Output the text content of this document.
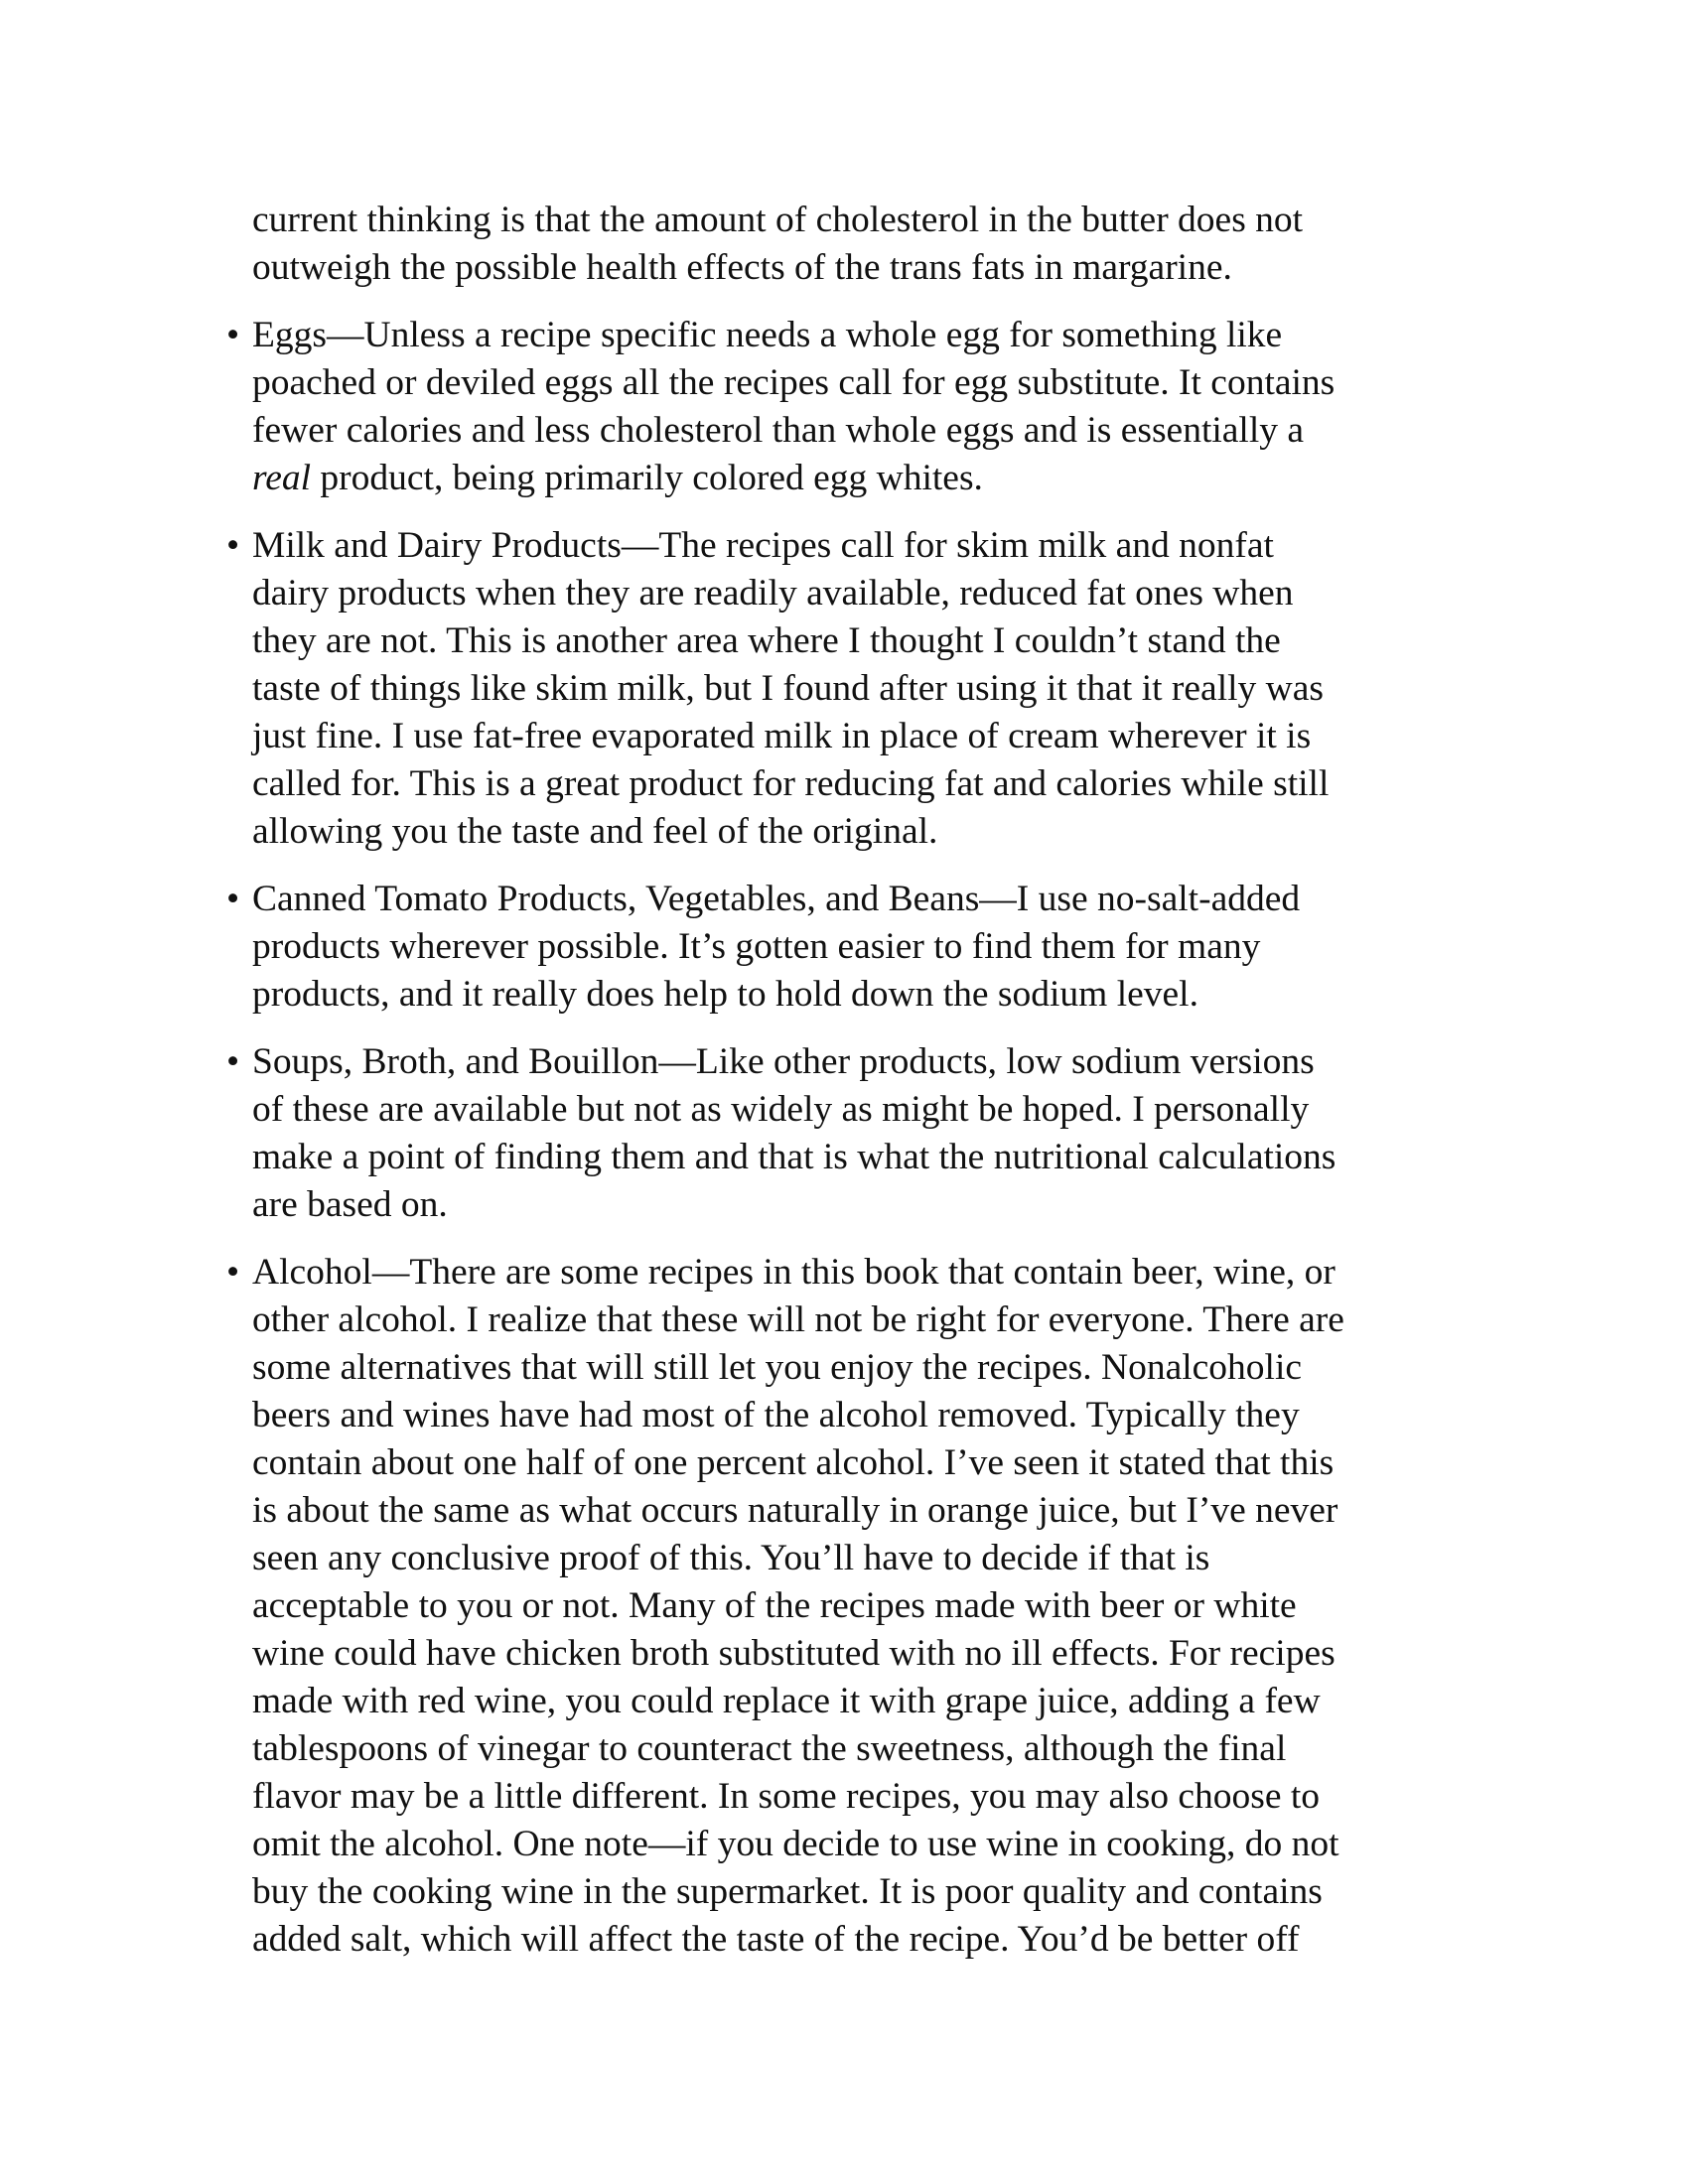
current thinking is that the amount of cholesterol in the butter does not
outweigh the possible health effects of the trans fats in margarine.

• Eggs—Unless a recipe specific needs a whole egg for something like
poached or deviled eggs all the recipes call for egg substitute. It contains
fewer calories and less cholesterol than whole eggs and is essentially a
real product, being primarily colored egg whites.
• Milk and Dairy Products—The recipes call for skim milk and nonfat
dairy products when they are readily available, reduced fat ones when
they are not. This is another area where I thought I couldn’t stand the
taste of things like skim milk, but I found after using it that it really was
just fine. I use fat-free evaporated milk in place of cream wherever it is
called for. This is a great product for reducing fat and calories while still
allowing you the taste and feel of the original.
• Canned Tomato Products, Vegetables, and Beans—I use no-salt-added
products wherever possible. It’s gotten easier to find them for many
products, and it really does help to hold down the sodium level.
• Soups, Broth, and Bouillon—Like other products, low sodium versions
of these are available but not as widely as might be hoped. I personally
make a point of finding them and that is what the nutritional calculations
are based on.
• Alcohol—There are some recipes in this book that contain beer, wine, or
other alcohol. I realize that these will not be right for everyone. There are
some alternatives that will still let you enjoy the recipes. Nonalcoholic
beers and wines have had most of the alcohol removed. Typically they
contain about one half of one percent alcohol. I’ve seen it stated that this
is about the same as what occurs naturally in orange juice, but I’ve never
seen any conclusive proof of this. You’ll have to decide if that is
acceptable to you or not. Many of the recipes made with beer or white
wine could have chicken broth substituted with no ill effects. For recipes
made with red wine, you could replace it with grape juice, adding a few
tablespoons of vinegar to counteract the sweetness, although the final
flavor may be a little different. In some recipes, you may also choose to
omit the alcohol. One note—if you decide to use wine in cooking, do not
buy the cooking wine in the supermarket. It is poor quality and contains
added salt, which will affect the taste of the recipe. You’d be better off
